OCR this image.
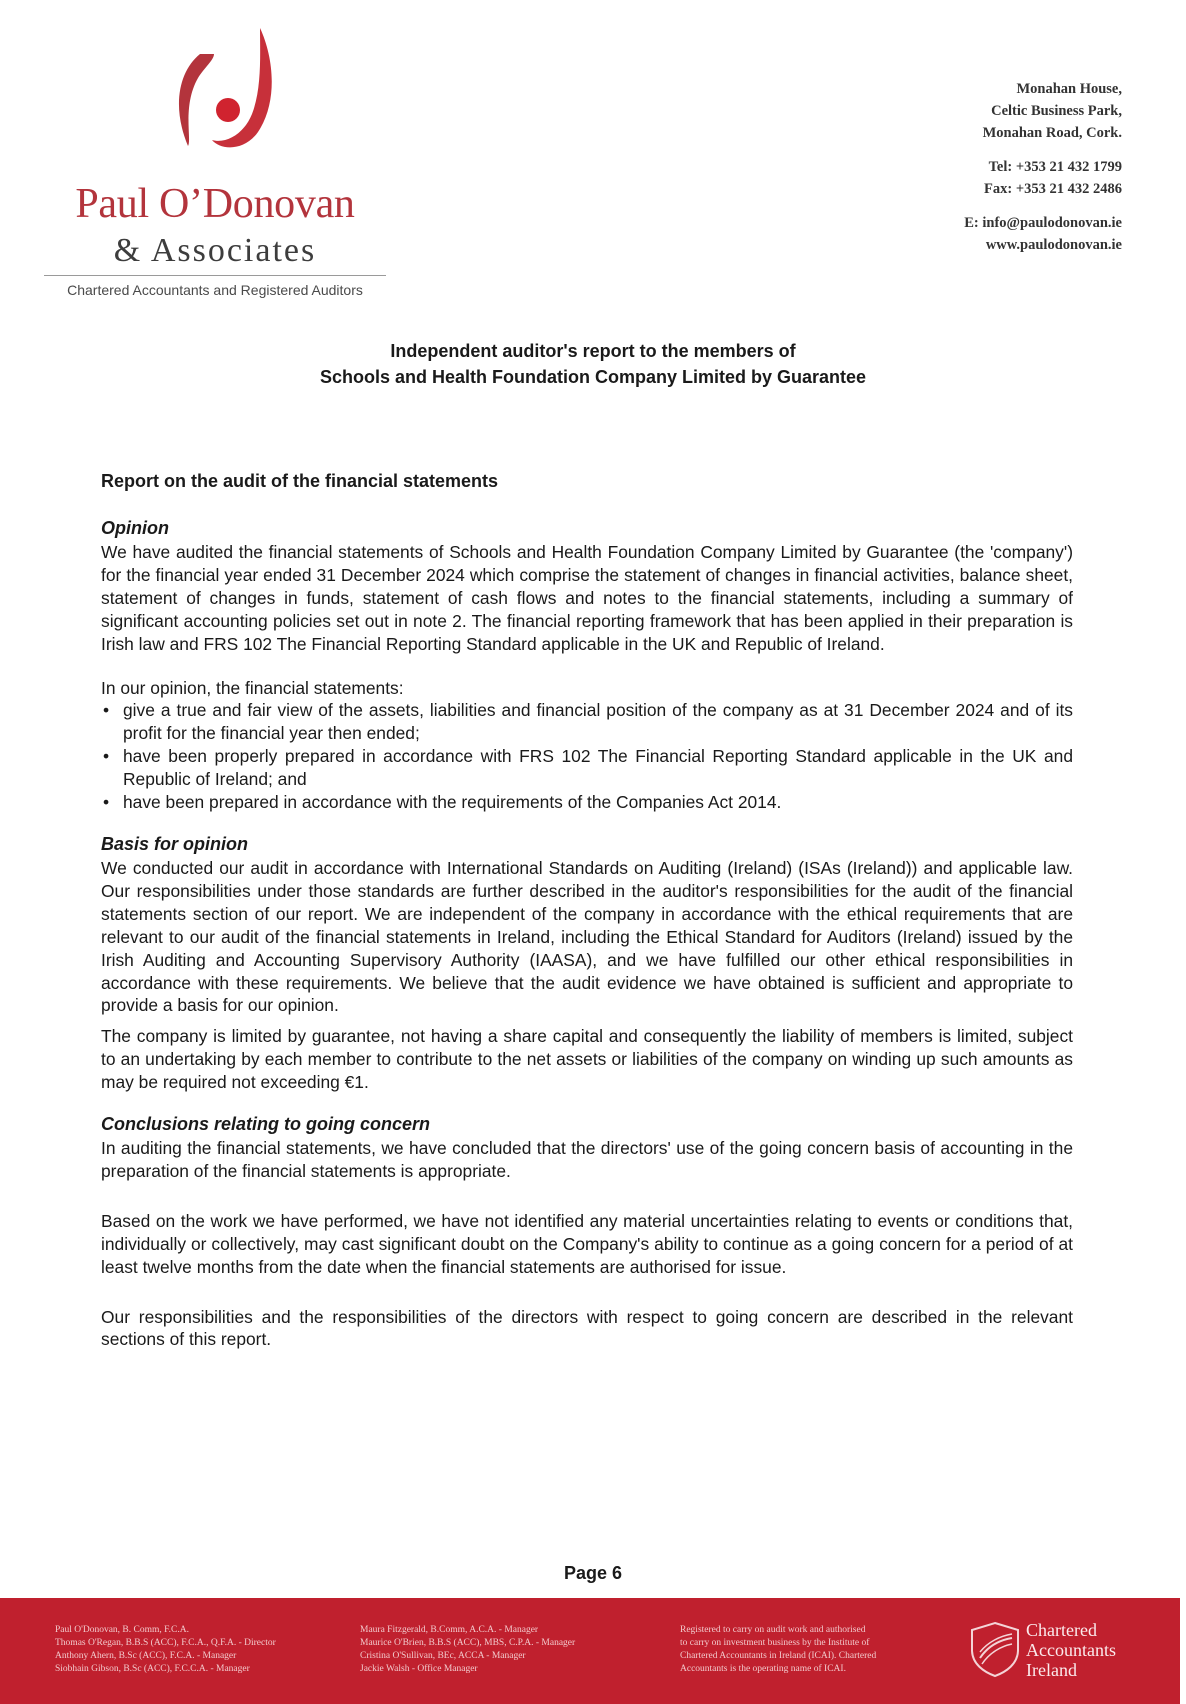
Paul O’Donovan
& Associates
Chartered Accountants and Registered Auditors
Monahan House,
Celtic Business Park,
Monahan Road, Cork.
Tel: +353 21 432 1799
Fax: +353 21 432 2486
E: info@paulodonovan.ie
www.paulodonovan.ie
Independent auditor's report to the members of
Schools and Health Foundation Company Limited by Guarantee
Report on the audit of the financial statements
Opinion

We have audited the financial statements of Schools and Health Foundation Company Limited by Guarantee (the 'company') for the financial year ended 31 December 2024 which comprise the statement of changes in financial activities, balance sheet, statement of changes in funds, statement of cash flows and notes to the financial statements, including a summary of significant accounting policies set out in note 2. The financial reporting framework that has been applied in their preparation is Irish law and FRS 102 The Financial Reporting Standard applicable in the UK and Republic of Ireland.

In our opinion, the financial statements:

• give a true and fair view of the assets, liabilities and financial position of the company as at 31 December 2024 and of its profit for the financial year then ended;
• have been properly prepared in accordance with FRS 102 The Financial Reporting Standard applicable in the UK and Republic of Ireland; and
• have been prepared in accordance with the requirements of the Companies Act 2014.
Basis for opinion

We conducted our audit in accordance with International Standards on Auditing (Ireland) (ISAs (Ireland)) and applicable law. Our responsibilities under those standards are further described in the auditor's responsibilities for the audit of the financial statements section of our report. We are independent of the company in accordance with the ethical requirements that are relevant to our audit of the financial statements in Ireland, including the Ethical Standard for Auditors (Ireland) issued by the Irish Auditing and Accounting Supervisory Authority (IAASA), and we have fulfilled our other ethical responsibilities in accordance with these requirements. We believe that the audit evidence we have obtained is sufficient and appropriate to provide a basis for our opinion.

The company is limited by guarantee, not having a share capital and consequently the liability of members is limited, subject to an undertaking by each member to contribute to the net assets or liabilities of the company on winding up such amounts as may be required not exceeding €1.

Conclusions relating to going concern

In auditing the financial statements, we have concluded that the directors' use of the going concern basis of accounting in the preparation of the financial statements is appropriate.

Based on the work we have performed, we have not identified any material uncertainties relating to events or conditions that, individually or collectively, may cast significant doubt on the Company's ability to continue as a going concern for a period of at least twelve months from the date when the financial statements are authorised for issue.

Our responsibilities and the responsibilities of the directors with respect to going concern are described in the relevant sections of this report.

Page 6
Paul O'Donovan, B. Comm, F.C.A.
Thomas O'Regan, B.B.S (ACC), F.C.A., Q.F.A. - Director
Anthony Ahern, B.Sc (ACC), F.C.A. - Manager
Siobhain Gibson, B.Sc (ACC), F.C.C.A. - Manager
Maura Fitzgerald, B.Comm, A.C.A. - Manager
Maurice O'Brien, B.B.S (ACC), MBS, C.P.A. - Manager
Cristina O'Sullivan, BEc, ACCA - Manager
Jackie Walsh - Office Manager
Registered to carry on audit work and authorised
to carry on investment business by the Institute of
Chartered Accountants in Ireland (ICAI). Chartered
Accountants is the operating name of ICAI.
Chartered
Accountants
Ireland
